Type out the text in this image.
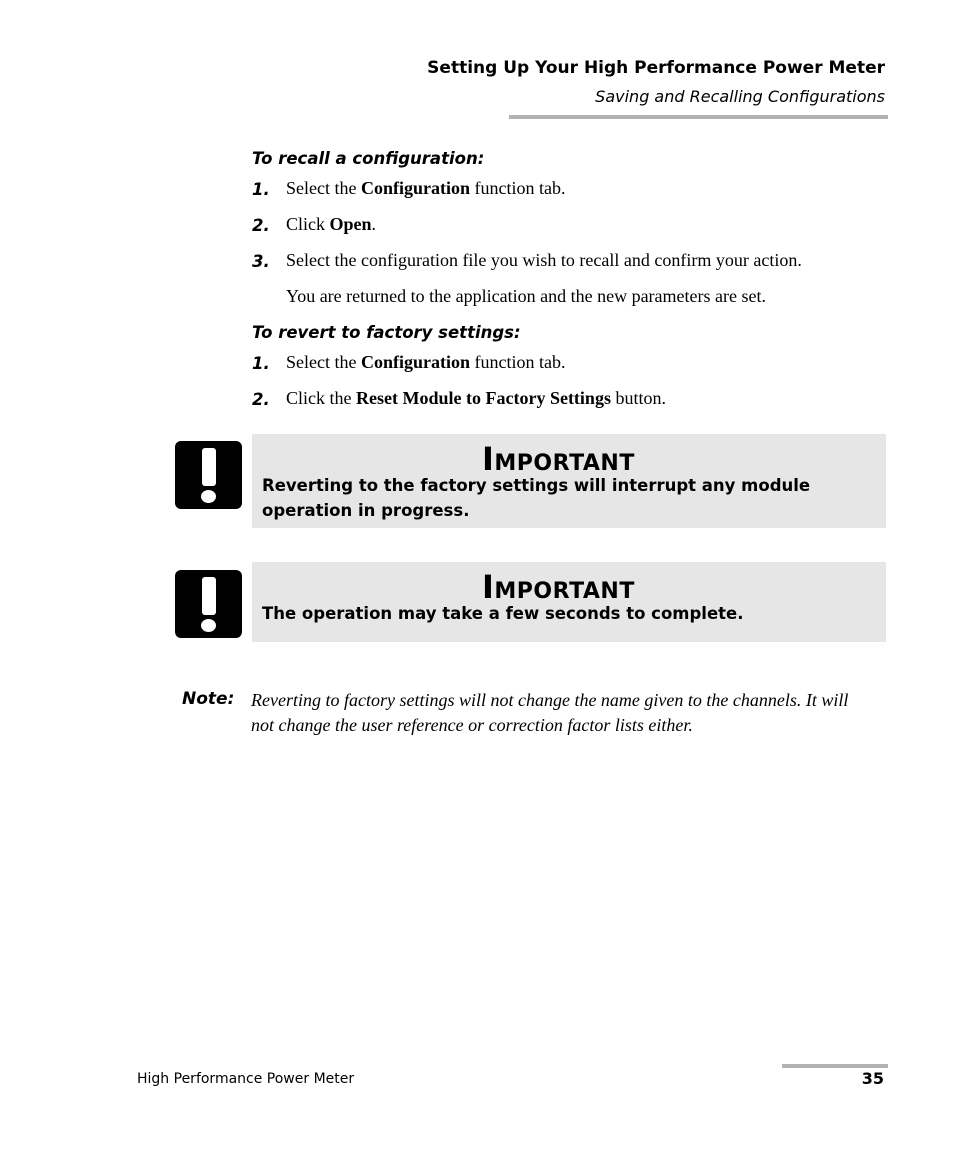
Setting Up Your High Performance Power Meter
Saving and Recalling Configurations
To recall a configuration:
1. Select the Configuration function tab.
2. Click Open.
3. Select the configuration file you wish to recall and confirm your action.
You are returned to the application and the new parameters are set.
To revert to factory settings:
1. Select the Configuration function tab.
2. Click the Reset Module to Factory Settings button.
IMPORTANT
Reverting to the factory settings will interrupt any module
operation in progress.
IMPORTANT
The operation may take a few seconds to complete.
Note: Reverting to factory settings will not change the name given to the channels. It will not change the user reference or correction factor lists either.
High Performance Power Meter	35
